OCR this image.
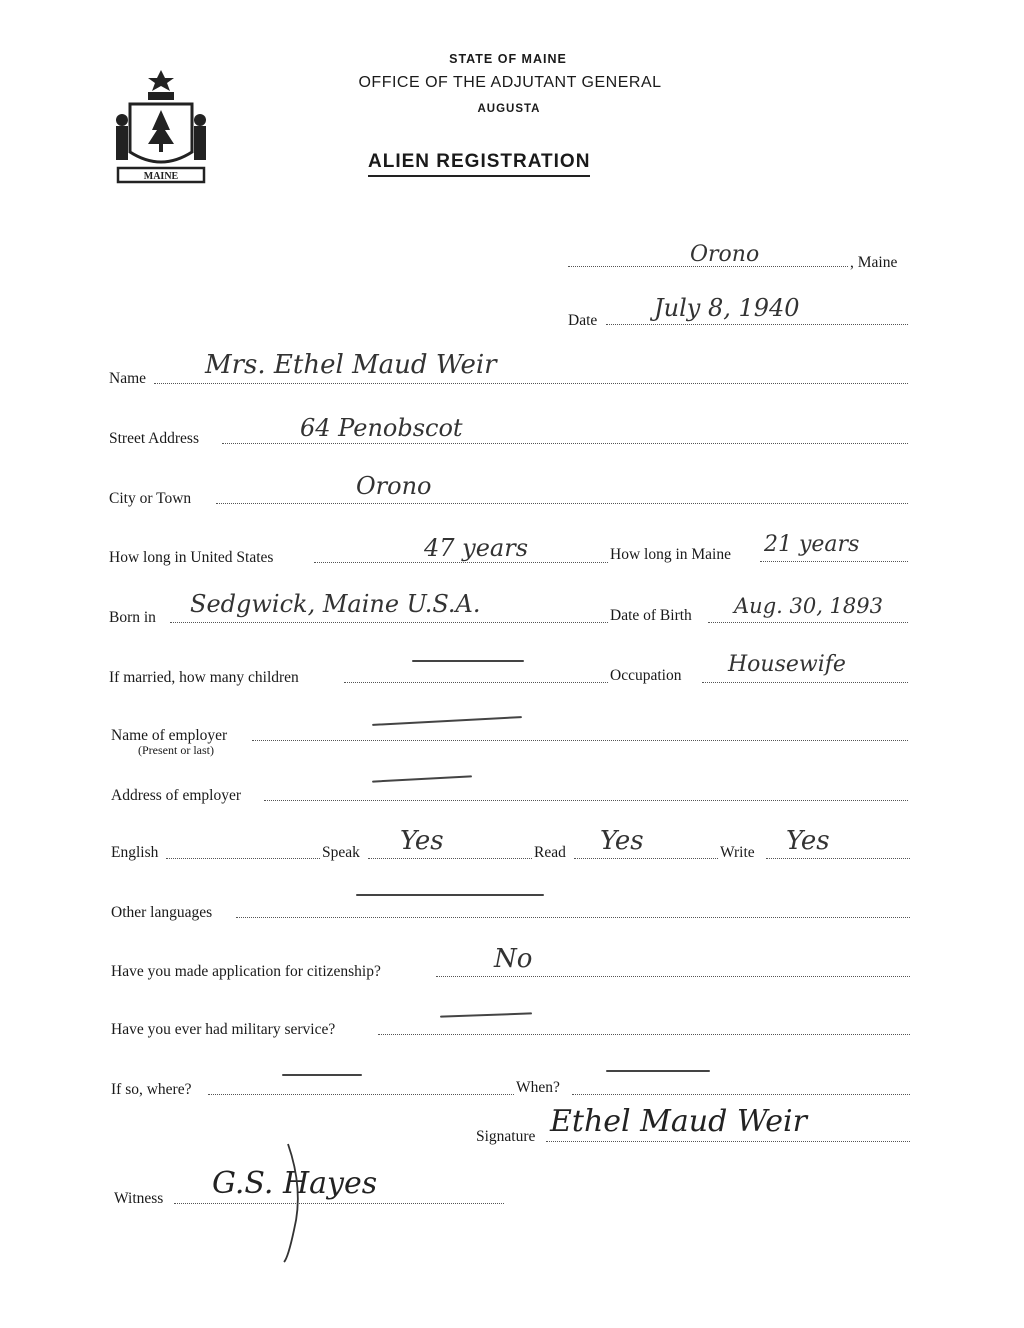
MAINE
STATE OF MAINE
OFFICE OF THE ADJUTANT GENERAL
AUGUSTA
ALIEN REGISTRATION
Orono	, Maine
Date July 8, 1940
Name Mrs. Ethel Maud Weir
Street Address	64 Penobscot
City or Town	Orono
How long in United States	47 years	How long in Maine 21 years
Born in Sedgwick, Maine U.S.A.	Date of Birth Aug. 30, 1893
If married, how many children	Occupation Housewife
Name of employer
(Present or last)
Address of employer
English	Speak Yes	Read Yes	Write Yes
Other languages
Have you made application for citizenship?	No
Have you ever had military service?
If so, where?	When?
Signature Ethel Maud Weir
Witness G.S. Hayes
